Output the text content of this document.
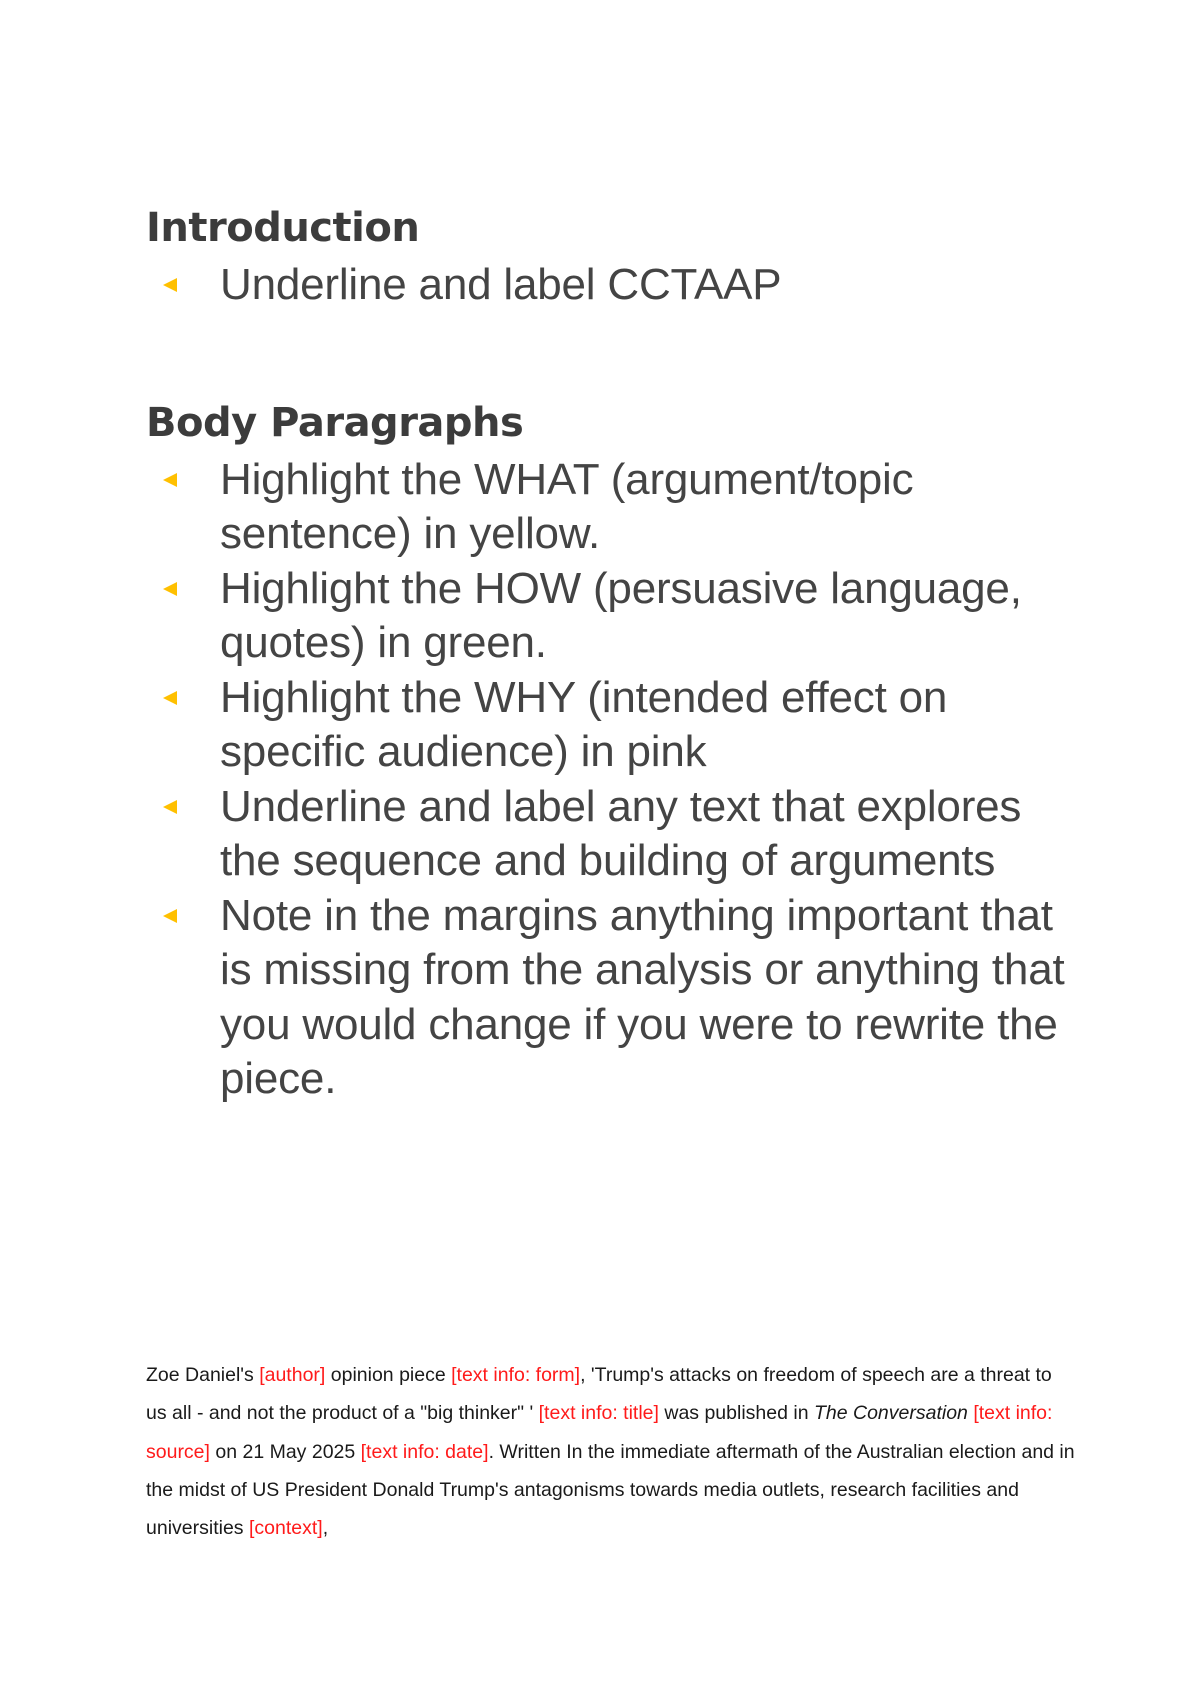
Introduction
Underline and label CCTAAP
Body Paragraphs
Highlight the WHAT (argument/topic sentence) in yellow.
Highlight the HOW (persuasive language, quotes) in green.
Highlight the WHY (intended effect on specific audience) in pink
Underline and label any text that explores the sequence and building of arguments
Note in the margins anything important that is missing from the analysis or anything that you would change if you were to rewrite the piece.

Zoe Daniel's [author] opinion piece [text info: form], 'Trump's attacks on freedom of speech are a threat to us all - and not the product of a "big thinker" ' [text info: title] was published in The Conversation [text info: source] on 21 May 2025 [text info: date]. Written In the immediate aftermath of the Australian election and in the midst of US President Donald Trump's antagonisms towards media outlets, research facilities and universities [context],
